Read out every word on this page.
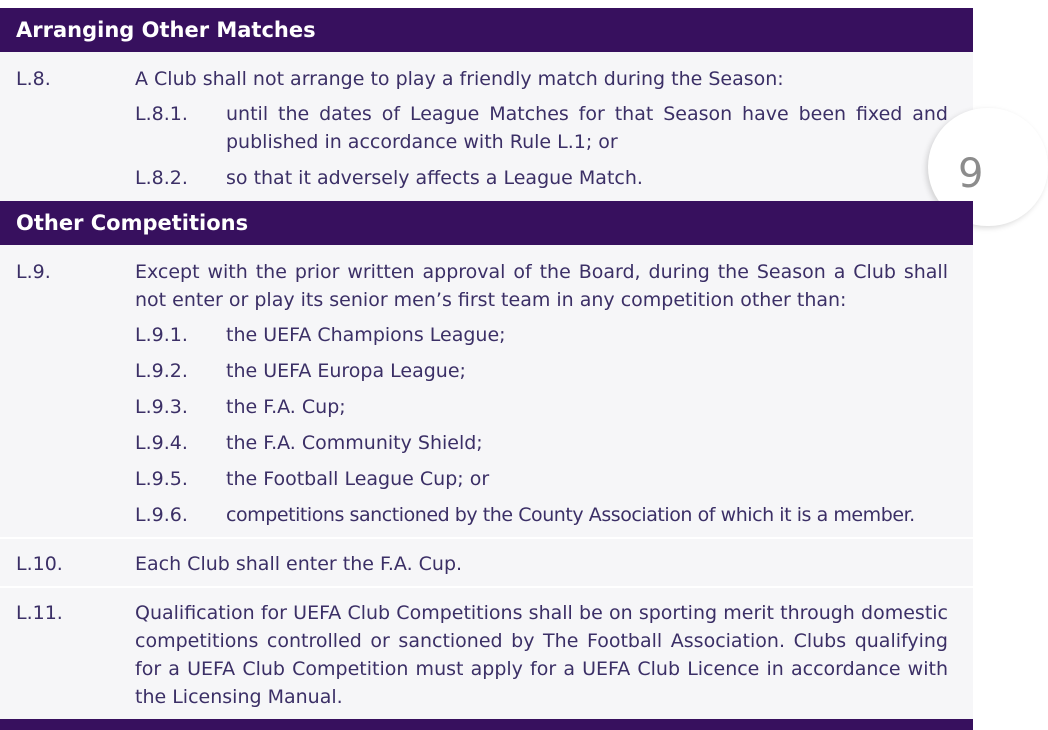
Arranging Other Matches
L.8.	A Club shall not arrange to play a friendly match during the Season:
L.8.1. until the dates of League Matches for that Season have been fixed and published in accordance with Rule L.1; or
L.8.2. so that it adversely affects a League Match.	9
Other Competitions
L.9.	Except with the prior written approval of the Board, during the Season a Club shall not enter or play its senior men’s first team in any competition other than:
L.9.1. the UEFA Champions League;
L.9.2. the UEFA Europa League;
L.9.3. the F.A. Cup;
L.9.4. the F.A. Community Shield;
L.9.5. the Football League Cup; or
L.9.6. competitions sanctioned by the County Association of which it is a member.
L.10.	Each Club shall enter the F.A. Cup.
L.11.	Qualification for UEFA Club Competitions shall be on sporting merit through domestic competitions controlled or sanctioned by The Football Association. Clubs qualifying for a UEFA Club Competition must apply for a UEFA Club Licence in accordance with the Licensing Manual.
